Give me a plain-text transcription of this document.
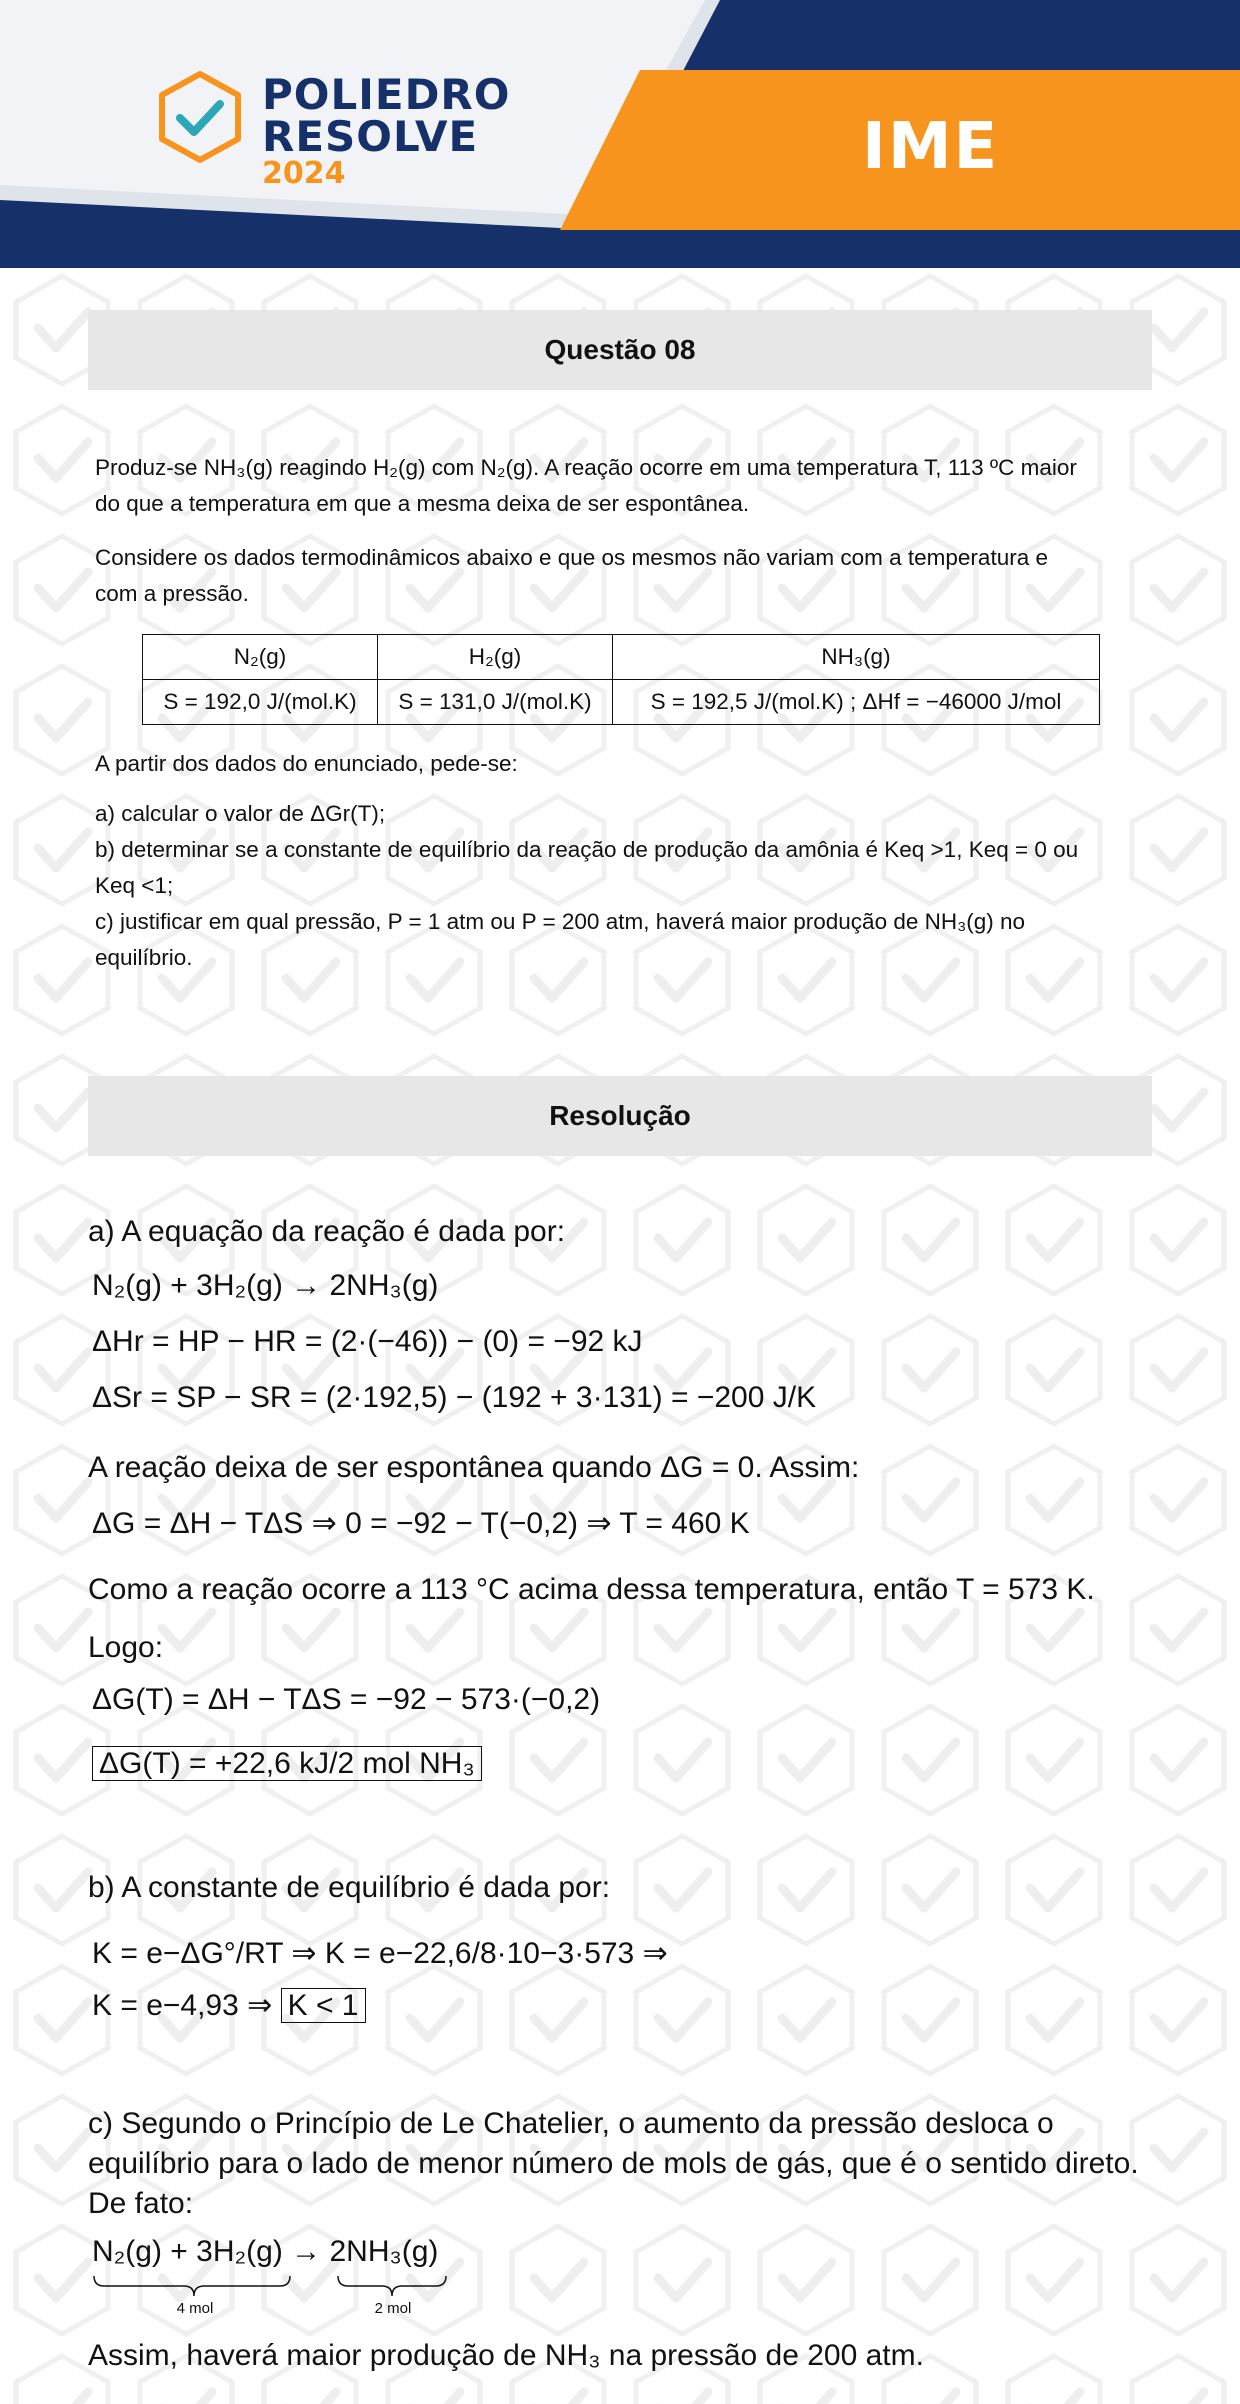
POLIEDRO
RESOLVE
2024	IME
Questão 08
Produz-se NH₃(g) reagindo H₂(g) com N₂(g). A reação ocorre em uma temperatura T, 113 ºC maior
do que a temperatura em que a mesma deixa de ser espontânea.
Considere os dados termodinâmicos abaixo e que os mesmos não variam com a temperatura e
com a pressão.
N₂(g)	H₂(g)	NH₃(g)
S = 192,0 J/(mol.K)	S = 131,0 J/(mol.K)	S = 192,5 J/(mol.K) ; ΔHf = −46000 J/mol
A partir dos dados do enunciado, pede-se:
a) calcular o valor de ΔGr(T);
b) determinar se a constante de equilíbrio da reação de produção da amônia é Keq >1, Keq = 0 ou
Keq <1;
c) justificar em qual pressão, P = 1 atm ou P = 200 atm, haverá maior produção de NH₃(g) no
equilíbrio.
Resolução
a) A equação da reação é dada por:
N₂(g) + 3H₂(g) → 2NH₃(g)
ΔHr = HP − HR = (2·(−46)) − (0) = −92 kJ
ΔSr = SP − SR = (2·192,5) − (192 + 3·131) = −200 J/K
A reação deixa de ser espontânea quando ΔG = 0. Assim:
ΔG = ΔH − TΔS ⇒ 0 = −92 − T(−0,2) ⇒ T = 460 K
Como a reação ocorre a 113 °C acima dessa temperatura, então T = 573 K.
Logo:
ΔG(T) = ΔH − TΔS = −92 − 573·(−0,2)
ΔG(T) = +22,6 kJ/2 mol NH₃
b) A constante de equilíbrio é dada por:
K = e−ΔG°/RT ⇒ K = e−22,6/8·10−3·573 ⇒
K = e−4,93 ⇒ K < 1
c) Segundo o Princípio de Le Chatelier, o aumento da pressão desloca o
equilíbrio para o lado de menor número de mols de gás, que é o sentido direto.
De fato:
N₂(g) + 3H₂(g) → 2NH₃(g)
4 mol	2 mol
Assim, haverá maior produção de NH₃ na pressão de 200 atm.
